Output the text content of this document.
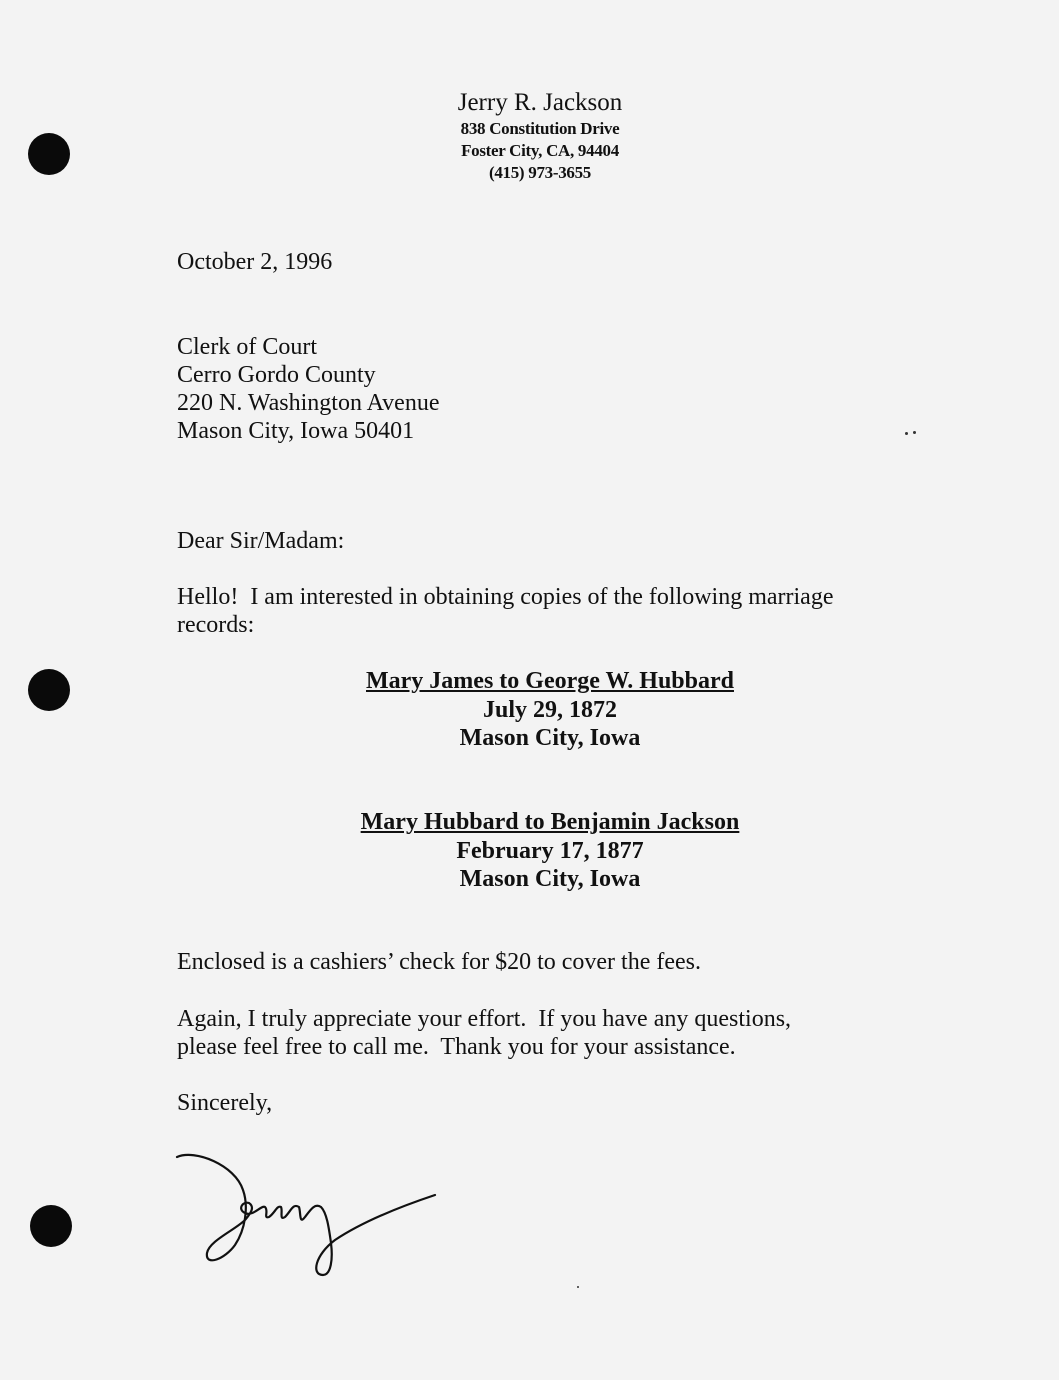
Jerry R. Jackson
838 Constitution Drive
Foster City, CA, 94404
(415) 973-3655
October 2, 1996
Clerk of Court
Cerro Gordo County
220 N. Washington Avenue
Mason City, Iowa 50401
Dear Sir/Madam:
Hello!  I am interested in obtaining copies of the following marriage
records:
Mary James to George W. Hubbard
July 29, 1872
Mason City, Iowa
Mary Hubbard to Benjamin Jackson
February 17, 1877
Mason City, Iowa
Enclosed is a cashiers’ check for $20 to cover the fees.
Again, I truly appreciate your effort.  If you have any questions,
please feel free to call me.  Thank you for your assistance.
Sincerely,
